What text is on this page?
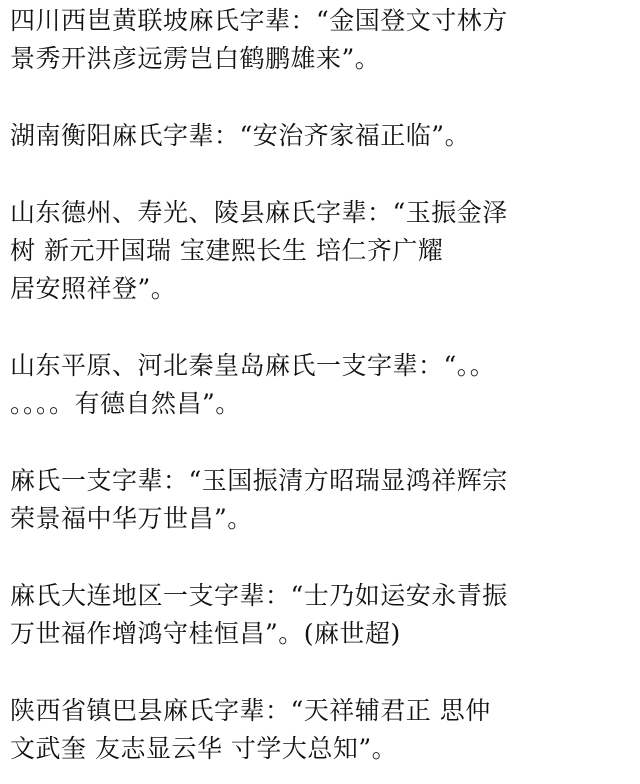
四川西岜黄联坡麻氏字辈：“金国登文寸林方
景秀开洪彦远雳岂白鹤鹏雄来”。
湖南衡阳麻氏字辈：“安治齐家福正临”。
山东德州、寿光、陵县麻氏字辈：“玉振金泽
树 新元开国瑞 宝建熙长生 培仁齐广耀
居安照祥登”。
山东平原、河北秦皇岛麻氏一支字辈：“。。
。。。。有德自然昌”。
麻氏一支字辈：“玉国振清方昭瑞显鸿祥辉宗
荣景福中华万世昌”。
麻氏大连地区一支字辈：“士乃如运安永青振
万世福作增鸿守桂恒昌”。(麻世超)
陕西省镇巴县麻氏字辈：“天祥辅君正 思仲
文武奎 友志显云华 寸学大总知”。
